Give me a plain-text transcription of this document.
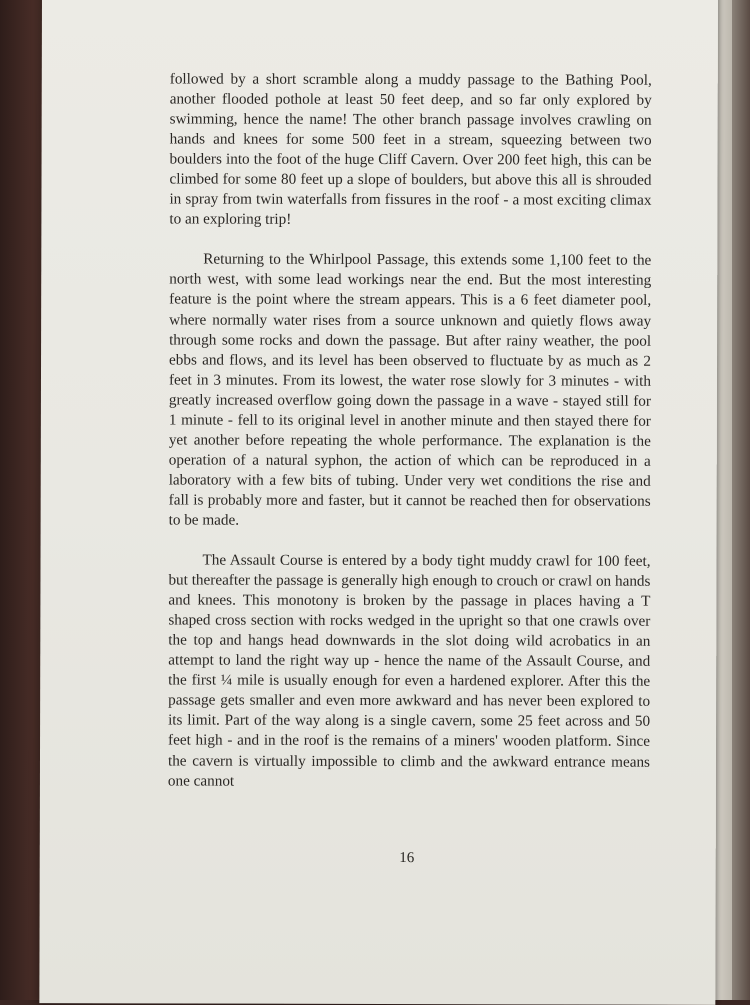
followed by a short scramble along a muddy passage to the Bathing Pool, another flooded pothole at least 50 feet deep, and so far only explored by swimming, hence the name! The other branch passage involves crawling on hands and knees for some 500 feet in a stream, squeezing between two boulders into the foot of the huge Cliff Cavern. Over 200 feet high, this can be climbed for some 80 feet up a slope of boulders, but above this all is shrouded in spray from twin waterfalls from fissures in the roof - a most exciting climax to an exploring trip!

Returning to the Whirlpool Passage, this extends some 1,100 feet to the north west, with some lead workings near the end. But the most interesting feature is the point where the stream appears. This is a 6 feet diameter pool, where normally water rises from a source unknown and quietly flows away through some rocks and down the passage. But after rainy weather, the pool ebbs and flows, and its level has been observed to fluctuate by as much as 2 feet in 3 minutes. From its lowest, the water rose slowly for 3 minutes - with greatly increased overflow going down the passage in a wave - stayed still for 1 minute - fell to its original level in another minute and then stayed there for yet another before repeating the whole performance. The explanation is the operation of a natural syphon, the action of which can be reproduced in a laboratory with a few bits of tubing. Under very wet conditions the rise and fall is probably more and faster, but it cannot be reached then for observations to be made.

The Assault Course is entered by a body tight muddy crawl for 100 feet, but thereafter the passage is generally high enough to crouch or crawl on hands and knees. This monotony is broken by the passage in places having a T shaped cross section with rocks wedged in the upright so that one crawls over the top and hangs head downwards in the slot doing wild acrobatics in an attempt to land the right way up - hence the name of the Assault Course, and the first ¼ mile is usually enough for even a hardened explorer. After this the passage gets smaller and even more awkward and has never been explored to its limit. Part of the way along is a single cavern, some 25 feet across and 50 feet high - and in the roof is the remains of a miners' wooden platform. Since the cavern is virtually impossible to climb and the awkward entrance means one cannot

16
